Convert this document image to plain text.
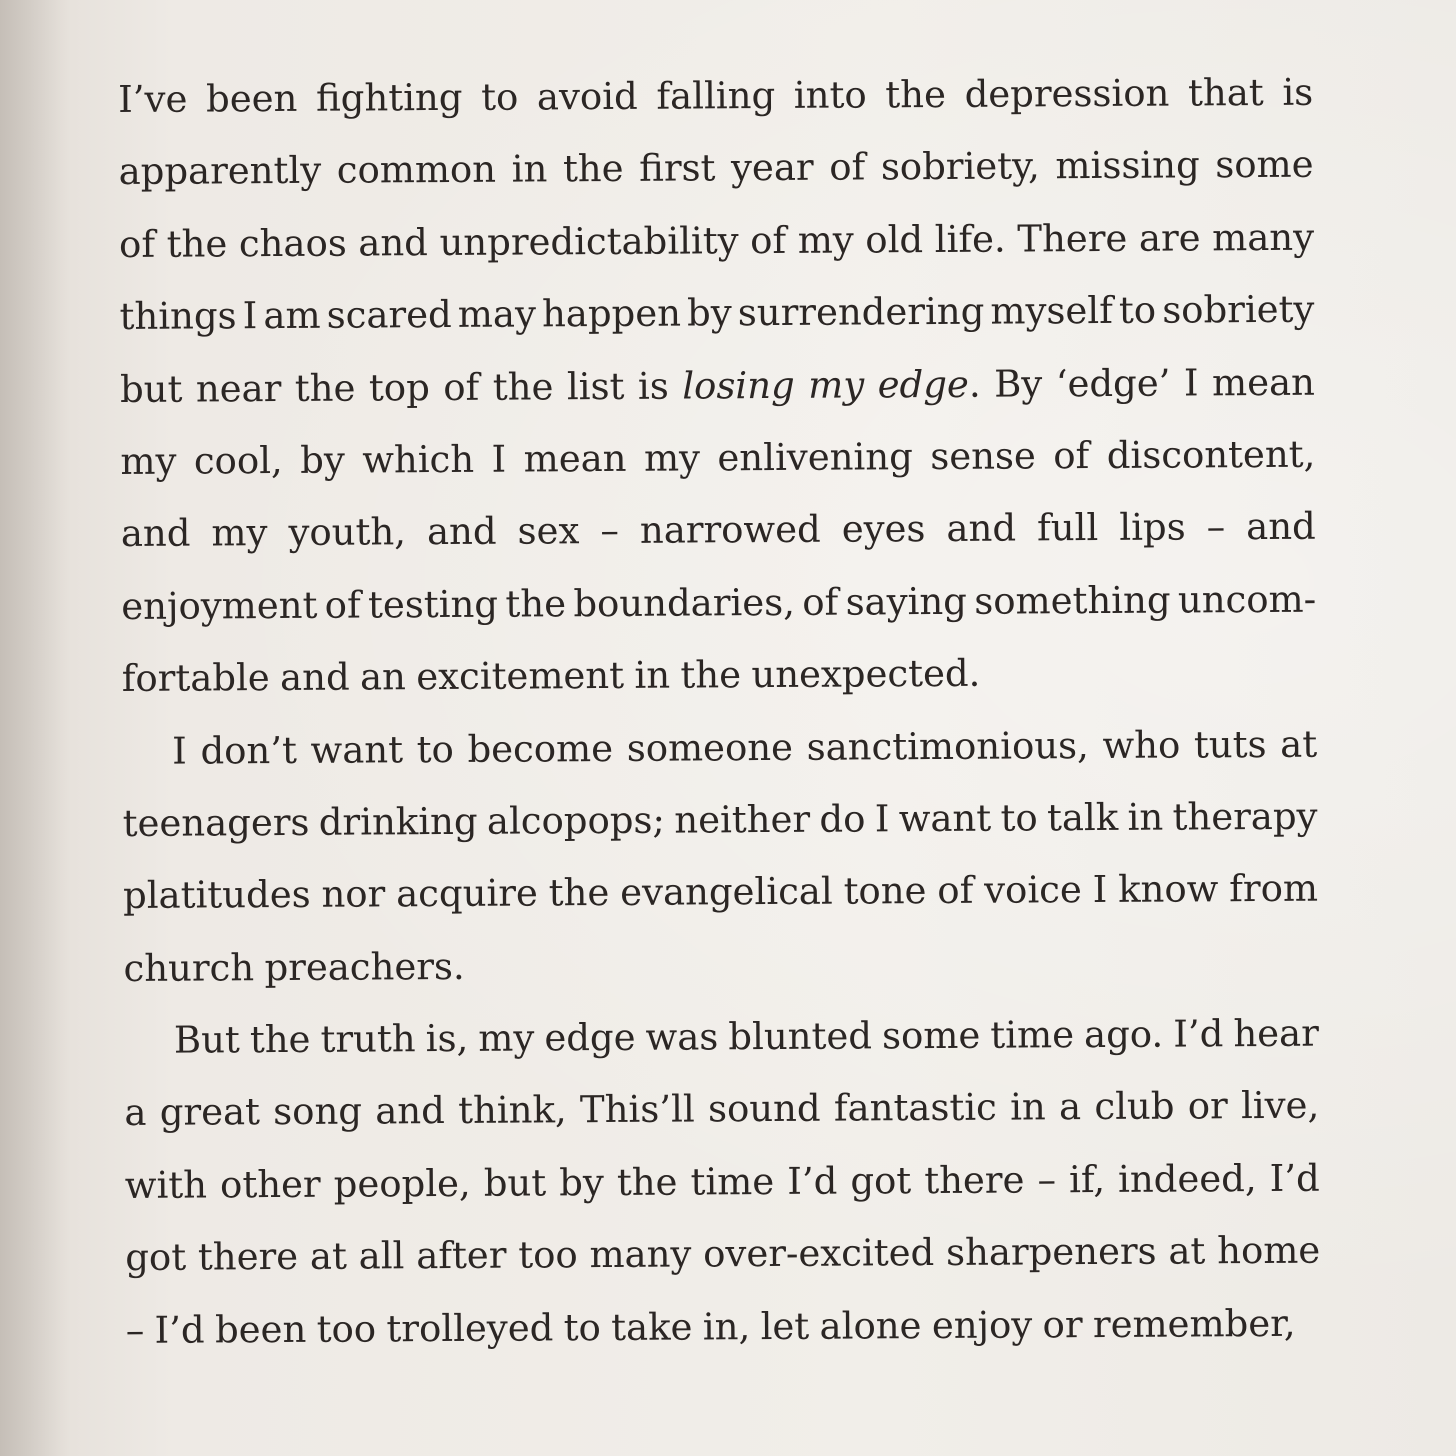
I’ve been fighting to avoid falling into the depression that is
apparently common in the first year of sobriety, missing some
of the chaos and unpredictability of my old life. There are many
things I am scared may happen by surrendering myself to sobriety
but near the top of the list is losing my edge. By ‘edge’ I mean
my cool, by which I mean my enlivening sense of discontent,
and my youth, and sex – narrowed eyes and full lips – and
enjoyment of testing the boundaries, of saying something uncom-
fortable and an excitement in the unexpected.
I don’t want to become someone sanctimonious, who tuts at
teenagers drinking alcopops; neither do I want to talk in therapy
platitudes nor acquire the evangelical tone of voice I know from
church preachers.
But the truth is, my edge was blunted some time ago. I’d hear
a great song and think, This’ll sound fantastic in a club or live,
with other people, but by the time I’d got there – if, indeed, I’d
got there at all after too many over-excited sharpeners at home
– I’d been too trolleyed to take in, let alone enjoy or remember,
